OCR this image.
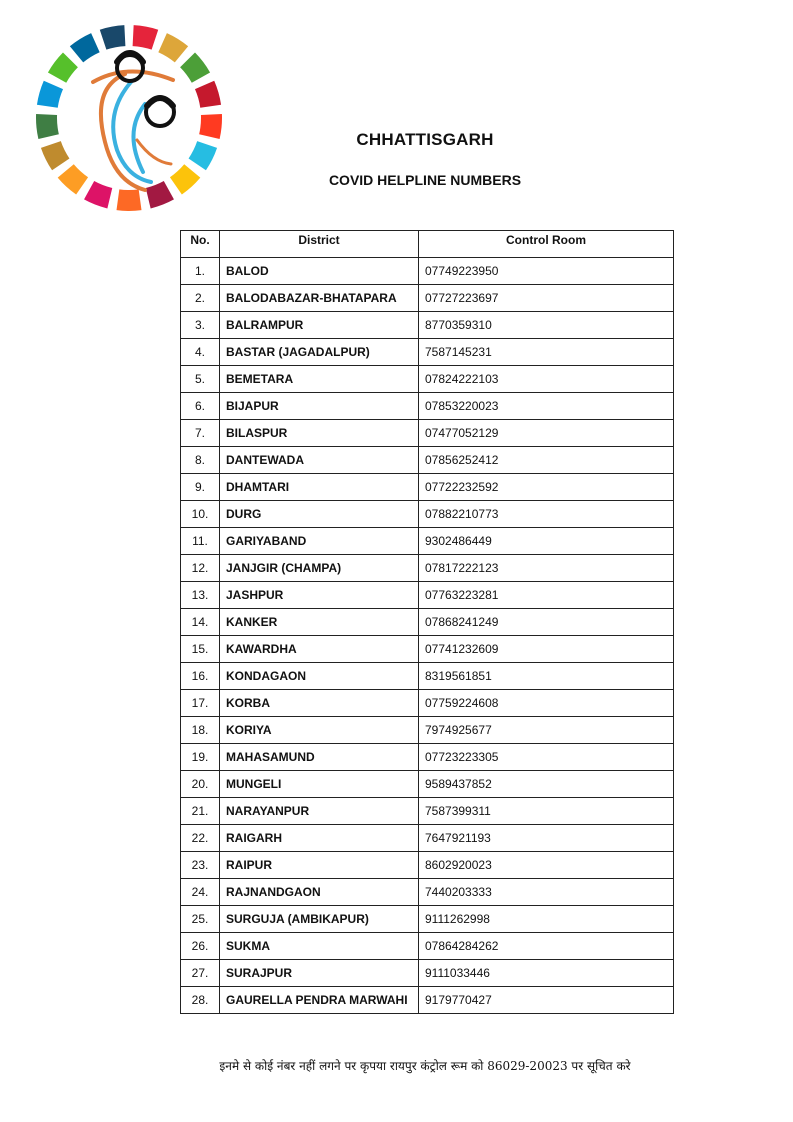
CHHATTISGARH
COVID HELPLINE NUMBERS
No.	District	Control Room
1.	BALOD	07749223950
2.	BALODABAZAR-BHATAPARA	07727223697
3.	BALRAMPUR	8770359310
4.	BASTAR (JAGADALPUR)	7587145231
5.	BEMETARA	07824222103
6.	BIJAPUR	07853220023
7.	BILASPUR	07477052129
8.	DANTEWADA	07856252412
9.	DHAMTARI	07722232592
10.	DURG	07882210773
11.	GARIYABAND	9302486449
12.	JANJGIR (CHAMPA)	07817222123
13.	JASHPUR	07763223281
14.	KANKER	07868241249
15.	KAWARDHA	07741232609
16.	KONDAGAON	8319561851
17.	KORBA	07759224608
18.	KORIYA	7974925677
19.	MAHASAMUND	07723223305
20.	MUNGELI	9589437852
21.	NARAYANPUR	7587399311
22.	RAIGARH	7647921193
23.	RAIPUR	8602920023
24.	RAJNANDGAON	7440203333
25.	SURGUJA (AMBIKAPUR)	9111262998
26.	SUKMA	07864284262
27.	SURAJPUR	9111033446
28.	GAURELLA PENDRA MARWAHI	9179770427
इनमे से कोई नंबर नहीं लगने पर कृपया रायपुर कंट्रोल रूम को 86029-20023 पर सूचित करे
